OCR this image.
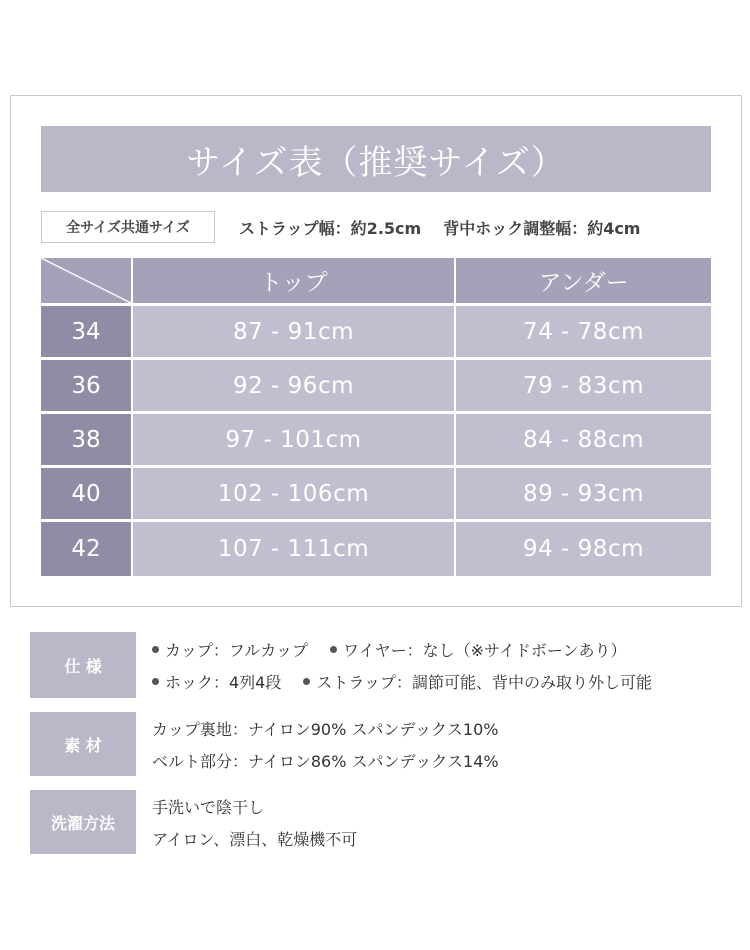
サイズ表（推奨サイズ）
全サイズ共通サイズ	ストラップ幅：約2.5cm 背中ホック調整幅：約4cm
	トップ	アンダー
34	87 - 91cm	74 - 78cm
36	92 - 96cm	79 - 83cm
38	97 - 101cm	84 - 88cm
40	102 - 106cm	89 - 93cm
42	107 - 111cm	94 - 98cm
仕 様
カップ：フルカップ ワイヤー：なし（※サイドボーンあり）
ホック：4列4段 ストラップ：調節可能、背中のみ取り外し可能
素 材
カップ裏地：ナイロン90% スパンデックス10%
ベルト部分：ナイロン86% スパンデックス14%
洗濯方法
手洗いで陰干し
アイロン、漂白、乾燥機不可
